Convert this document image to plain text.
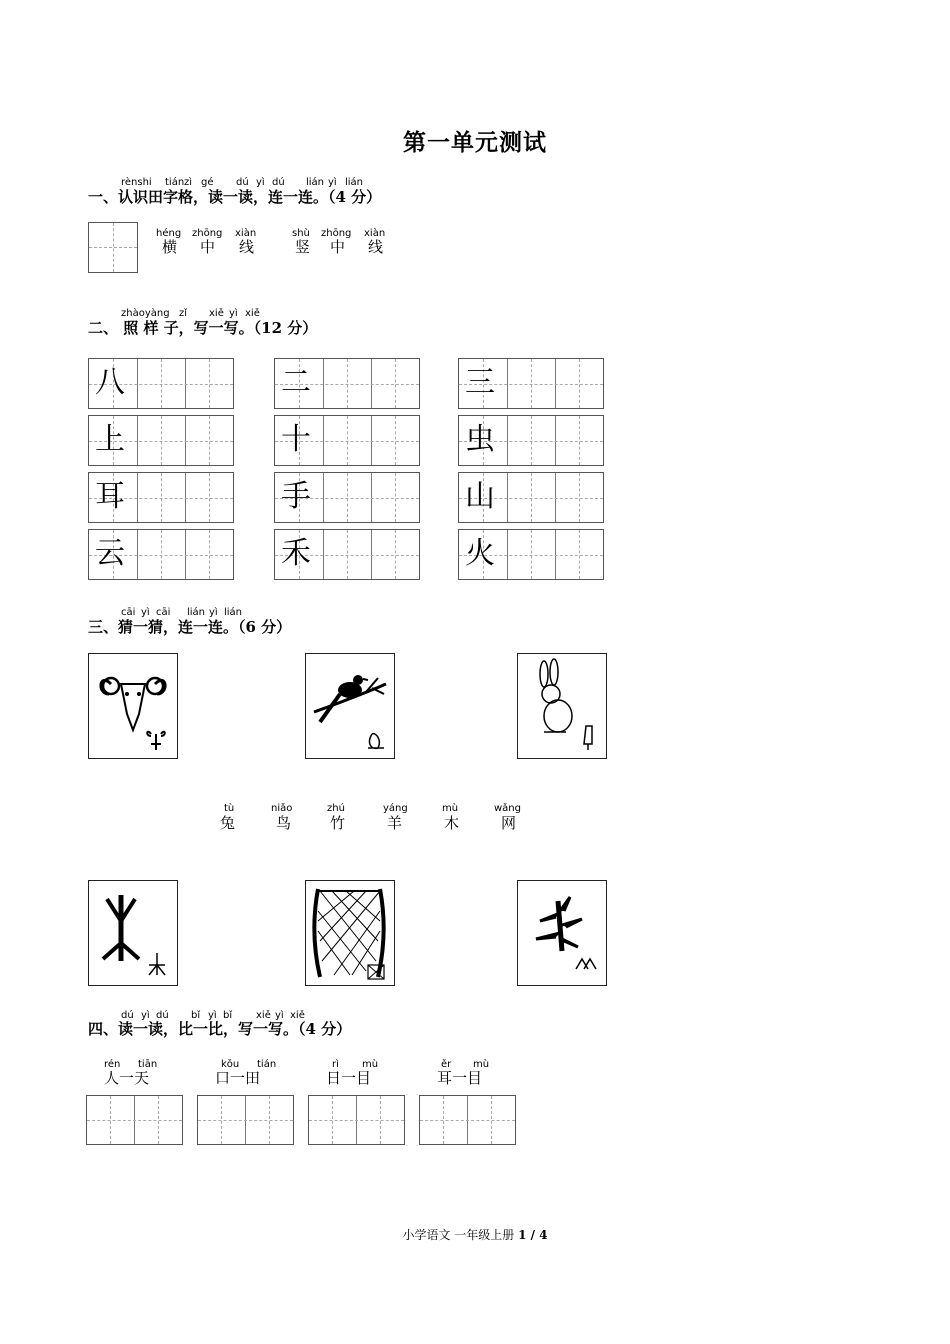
第一单元测试
rènshi tián zì gé dú yì dú lián yì lián
一、认识田字格，读一读，连一连。（4 分）
héng zhōng xiàn
横 中 线
shù zhōng xiàn
竖 中 线
zhàoyàng zǐ xiě yì xiě
二、 照 样 子，写一写。（12 分）
八	二	三
上	十	虫
耳	手	山
云	禾	火
cāi yì cāi lián yì lián
三、猜一猜，连一连。（6 分）
tù	niǎo	zhú	yáng	mù	wǎng
兔	鸟	竹	羊	木	网
dú yì dú bǐ yì bǐ xiě yì xiě
四、读一读，比一比，写一写。（4 分）
rén tiān
人一天
kǒu tián
口一田
rì mù
日一目
ěr mù
耳一目
小学语文 一年级上册 1 / 4
